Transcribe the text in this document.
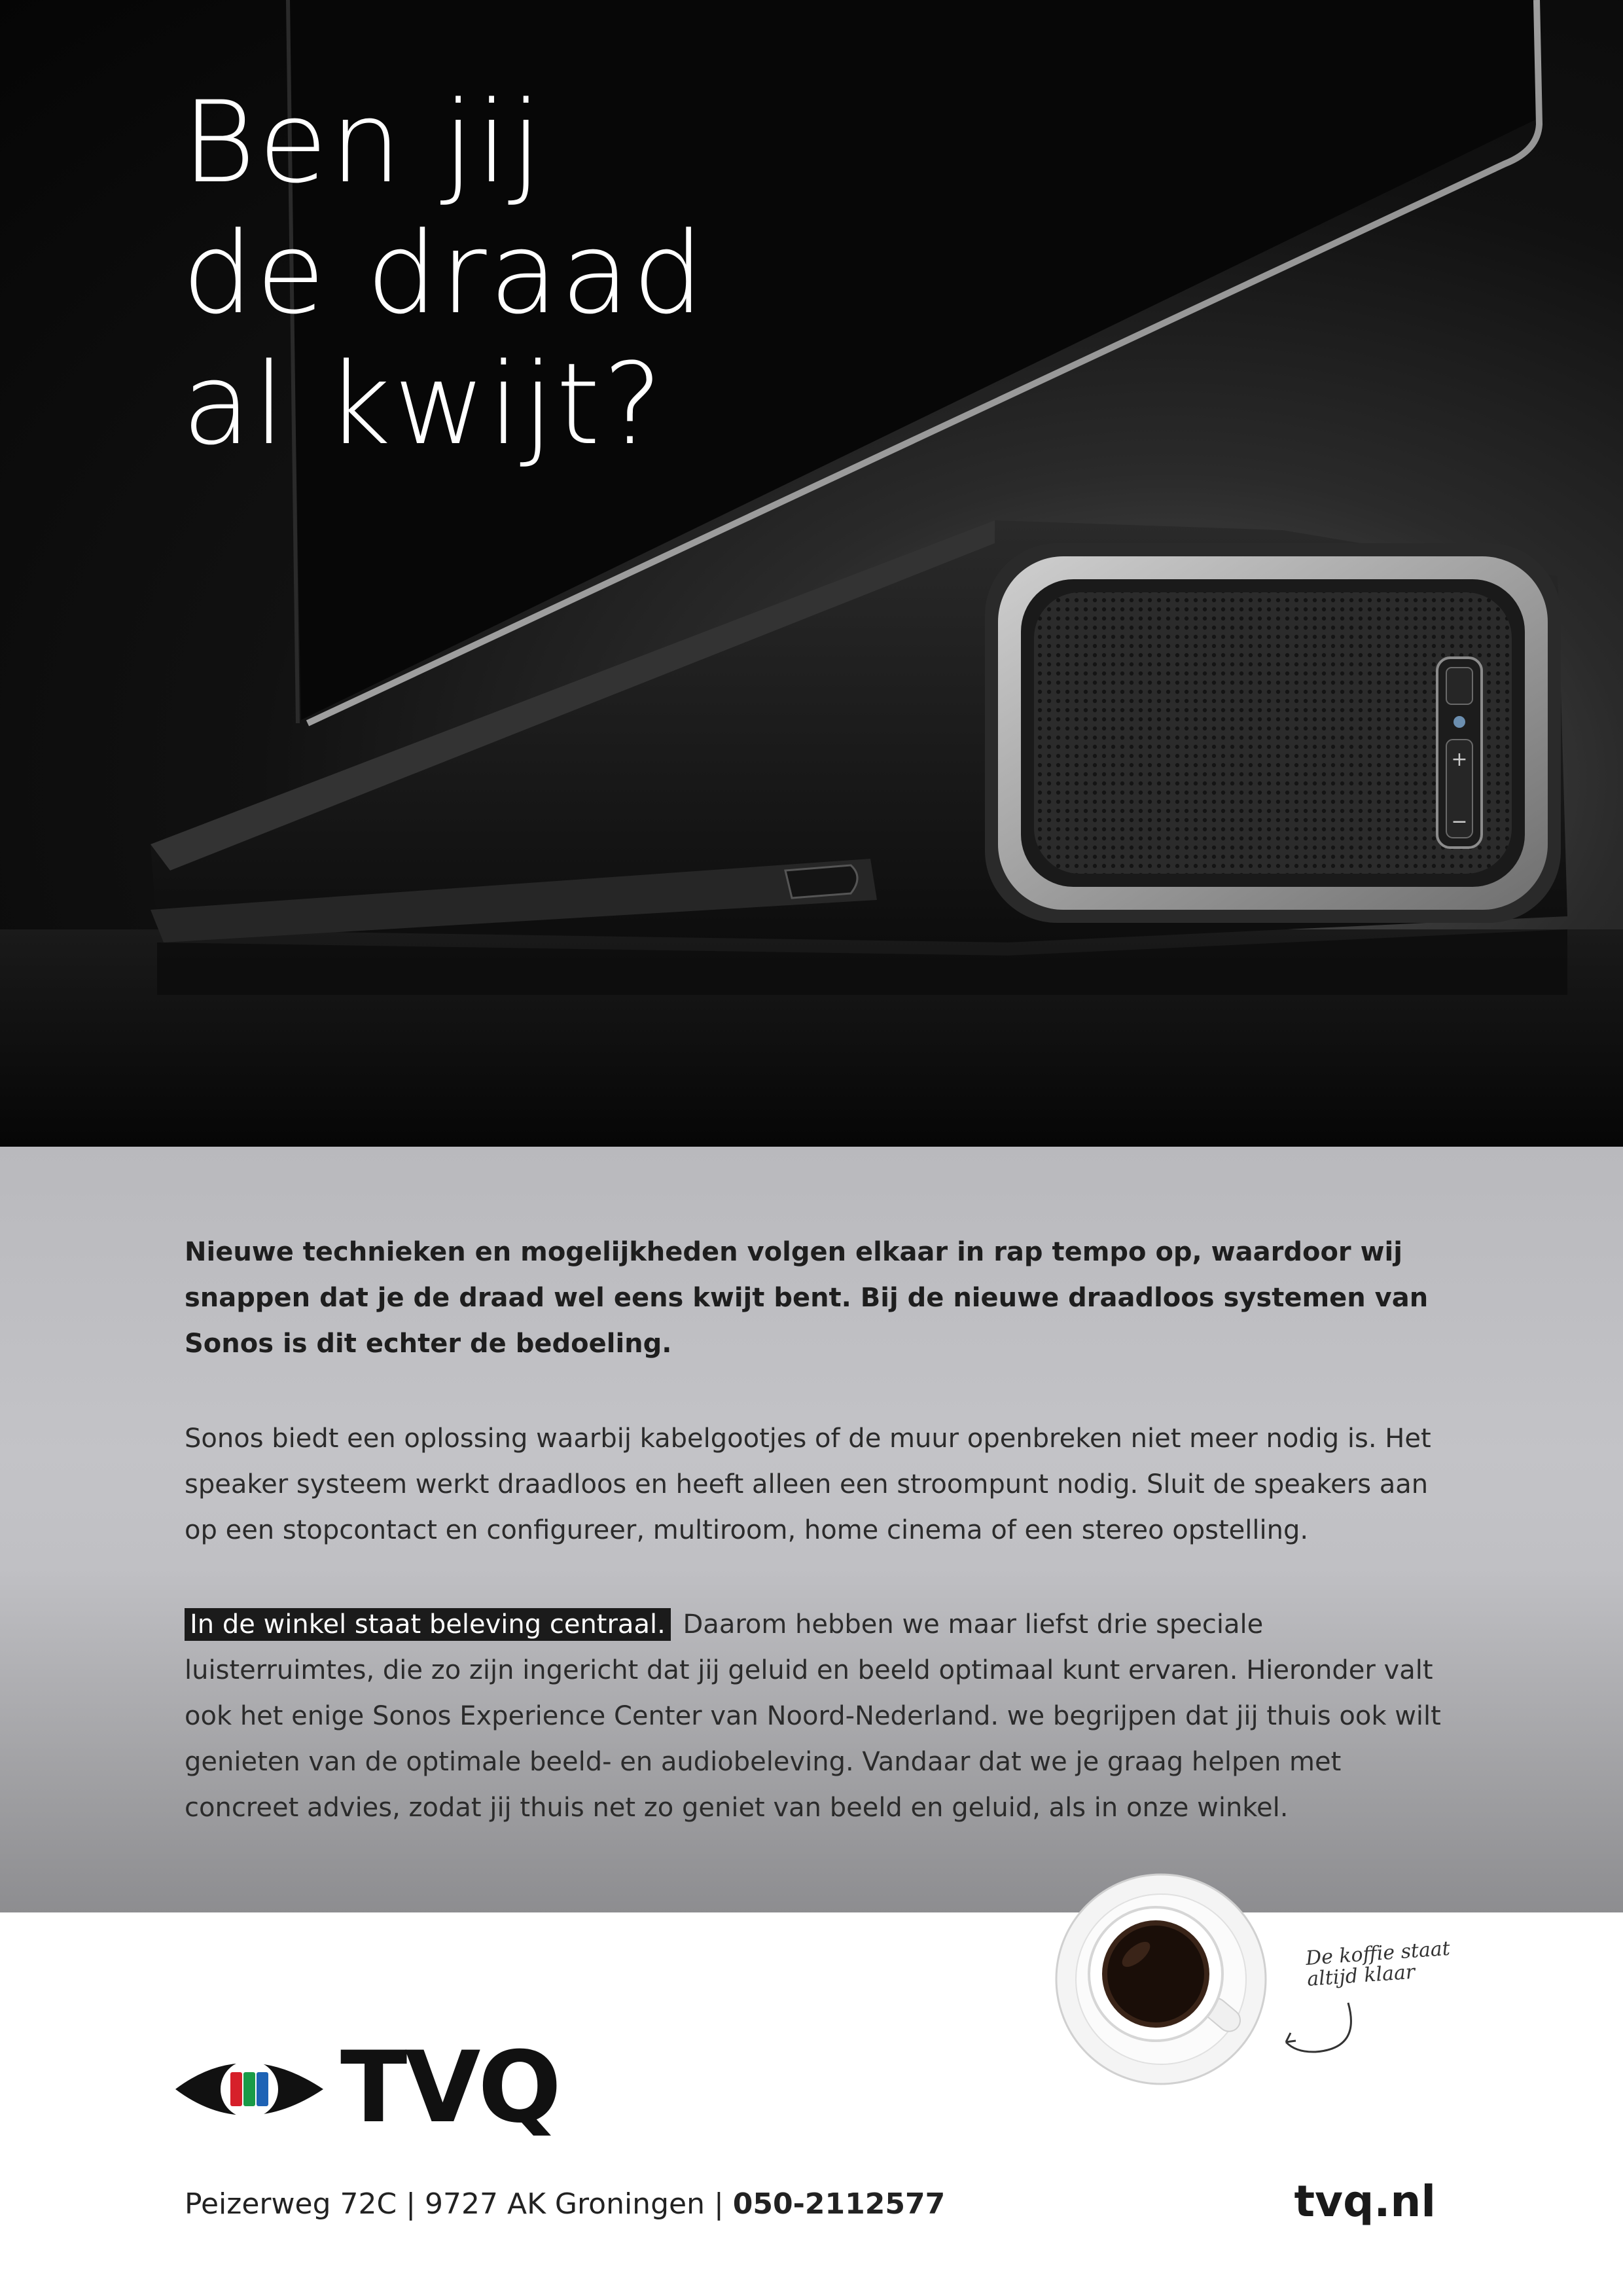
+
−
Ben jij
de draad
al kwijt?
Nieuwe technieken en mogelijkheden volgen elkaar in rap tempo op, waardoor wij snappen dat je de draad wel eens kwijt bent. Bij de nieuwe draadloos systemen van Sonos is dit echter de bedoeling.
Sonos biedt een oplossing waarbij kabelgootjes of de muur openbreken niet meer nodig is. Het speaker systeem werkt draadloos en heeft alleen een stroompunt nodig. Sluit de speakers aan op een stopcontact en configureer, multiroom, home cinema of een stereo opstelling.
In de winkel staat beleving centraal. Daarom hebben we maar liefst drie speciale luisterruimtes, die zo zijn ingericht dat jij geluid en beeld optimaal kunt ervaren. Hieronder valt ook het enige Sonos Experience Center van Noord-Nederland. we begrijpen dat jij thuis ook wilt genieten van de optimale beeld- en audiobeleving. Vandaar dat we je graag helpen met concreet advies, zodat jij thuis net zo geniet van beeld en geluid, als in onze winkel.
De koffie staat altijd klaar
TVQ
Peizerweg 72C | 9727 AK Groningen | 050-2112577	tvq.nl
